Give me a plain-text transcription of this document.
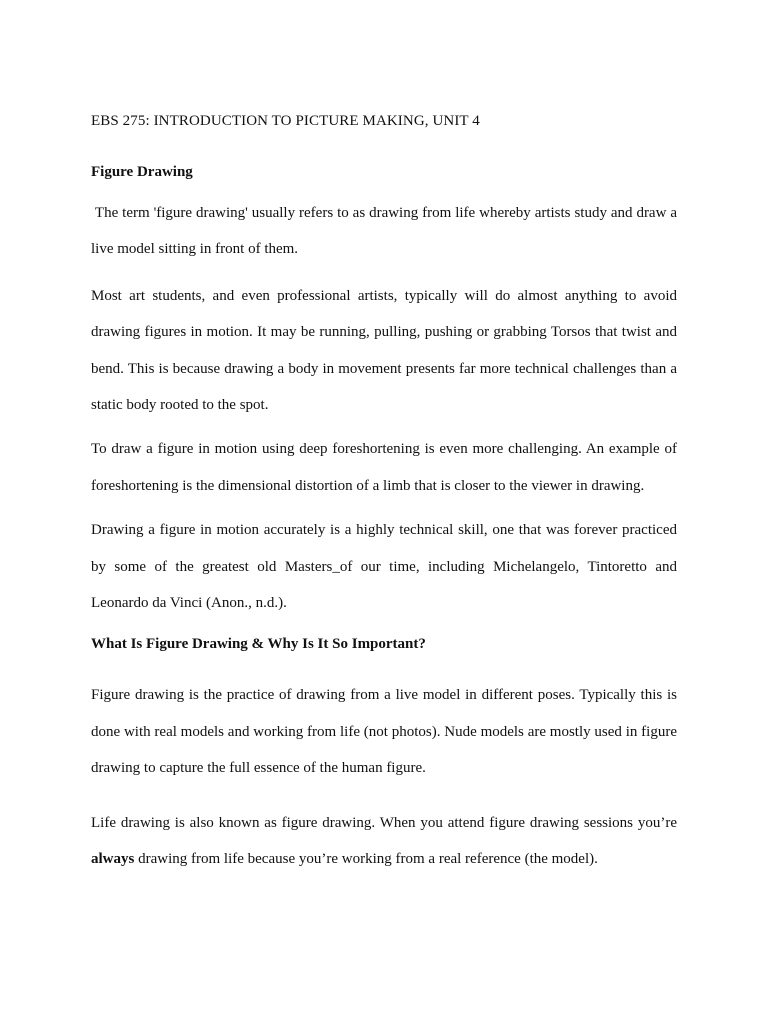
EBS 275: INTRODUCTION TO PICTURE MAKING, UNIT 4

Figure Drawing

The term 'figure drawing' usually refers to as drawing from life whereby artists study and draw a live model sitting in front of them.

Most art students, and even professional artists, typically will do almost anything to avoid drawing figures in motion. It may be running, pulling, pushing or grabbing Torsos that twist and bend. This is because drawing a body in movement presents far more technical challenges than a static body rooted to the spot.

To draw a figure in motion using deep foreshortening is even more challenging. An example of foreshortening is the dimensional distortion of a limb that is closer to the viewer in drawing.

Drawing a figure in motion accurately is a highly technical skill, one that was forever practiced by some of the greatest old Masters_of our time, including Michelangelo, Tintoretto and Leonardo da Vinci (Anon., n.d.).

What Is Figure Drawing & Why Is It So Important?

Figure drawing is the practice of drawing from a live model in different poses. Typically this is done with real models and working from life (not photos). Nude models are mostly used in figure drawing to capture the full essence of the human figure.

Life drawing is also known as figure drawing. When you attend figure drawing sessions you’re always drawing from life because you’re working from a real reference (the model).
